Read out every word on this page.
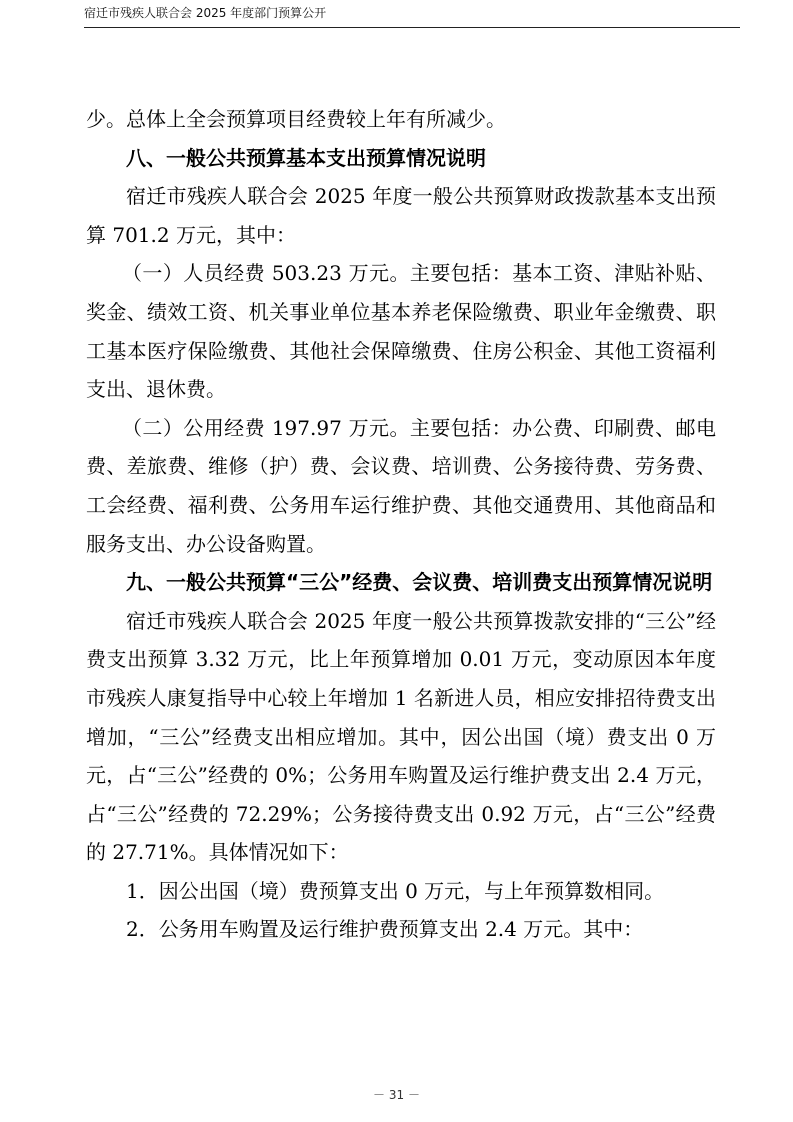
宿迁市残疾人联合会 2025 年度部门预算公开

少。总体上全会预算项目经费较上年有所减少。

八、一般公共预算基本支出预算情况说明

宿迁市残疾人联合会 2025 年度一般公共预算财政拨款基本支出预算 701.2 万元，其中：

（一）人员经费 503.23 万元。主要包括：基本工资、津贴补贴、奖金、绩效工资、机关事业单位基本养老保险缴费、职业年金缴费、职工基本医疗保险缴费、其他社会保障缴费、住房公积金、其他工资福利支出、退休费。

（二）公用经费 197.97 万元。主要包括：办公费、印刷费、邮电费、差旅费、维修（护）费、会议费、培训费、公务接待费、劳务费、工会经费、福利费、公务用车运行维护费、其他交通费用、其他商品和服务支出、办公设备购置。

九、一般公共预算“三公”经费、会议费、培训费支出预算情况说明

宿迁市残疾人联合会 2025 年度一般公共预算拨款安排的“三公”经费支出预算 3.32 万元，比上年预算增加 0.01 万元，变动原因本年度市残疾人康复指导中心较上年增加 1 名新进人员，相应安排招待费支出增加，“三公”经费支出相应增加。其中，因公出国（境）费支出 0 万元，占“三公”经费的 0%；公务用车购置及运行维护费支出 2.4 万元，占“三公”经费的 72.29%；公务接待费支出 0.92 万元，占“三公”经费的 27.71%。具体情况如下：

1．因公出国（境）费预算支出 0 万元，与上年预算数相同。

2．公务用车购置及运行维护费预算支出 2.4 万元。其中：

－ 31 －
